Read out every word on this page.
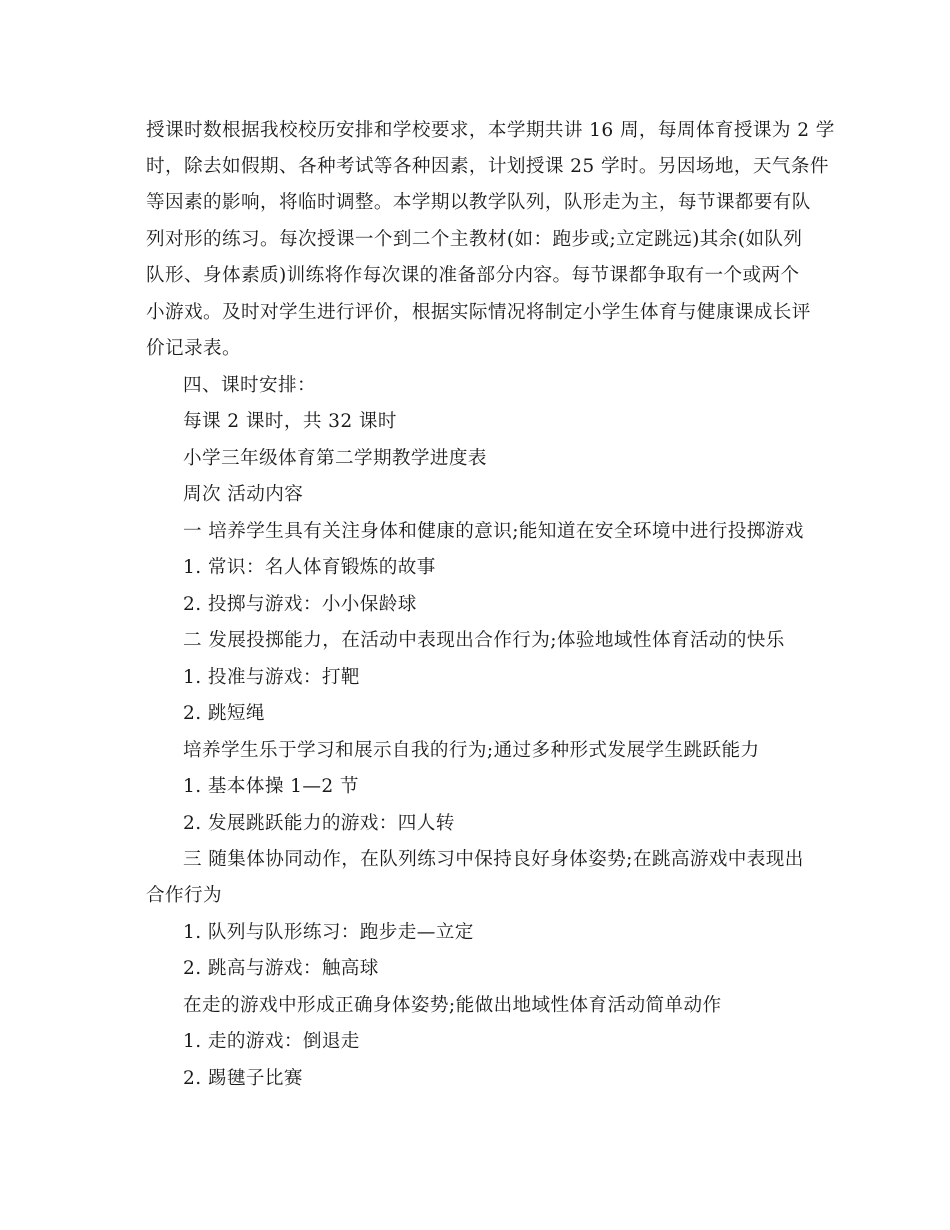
授课时数根据我校校历安排和学校要求，本学期共讲 16 周，每周体育授课为 2 学
时，除去如假期、各种考试等各种因素，计划授课 25 学时。另因场地，天气条件
等因素的影响，将临时调整。本学期以教学队列，队形走为主，每节课都要有队
列对形的练习。每次授课一个到二个主教材(如：跑步或;立定跳远)其余(如队列
队形、身体素质)训练将作每次课的准备部分内容。每节课都争取有一个或两个
小游戏。及时对学生进行评价，根据实际情况将制定小学生体育与健康课成长评
价记录表。
四、课时安排：
每课 2 课时，共 32 课时
小学三年级体育第二学期教学进度表
周次 活动内容
一 培养学生具有关注身体和健康的意识;能知道在安全环境中进行投掷游戏
1. 常识：名人体育锻炼的故事
2. 投掷与游戏：小小保龄球
二 发展投掷能力，在活动中表现出合作行为;体验地域性体育活动的快乐
1. 投准与游戏：打靶
2. 跳短绳
培养学生乐于学习和展示自我的行为;通过多种形式发展学生跳跃能力
1. 基本体操 1—2 节
2. 发展跳跃能力的游戏：四人转
三 随集体协同动作，在队列练习中保持良好身体姿势;在跳高游戏中表现出
合作行为
1. 队列与队形练习：跑步走—立定
2. 跳高与游戏：触高球
在走的游戏中形成正确身体姿势;能做出地域性体育活动简单动作
1. 走的游戏：倒退走
2. 踢毽子比赛
